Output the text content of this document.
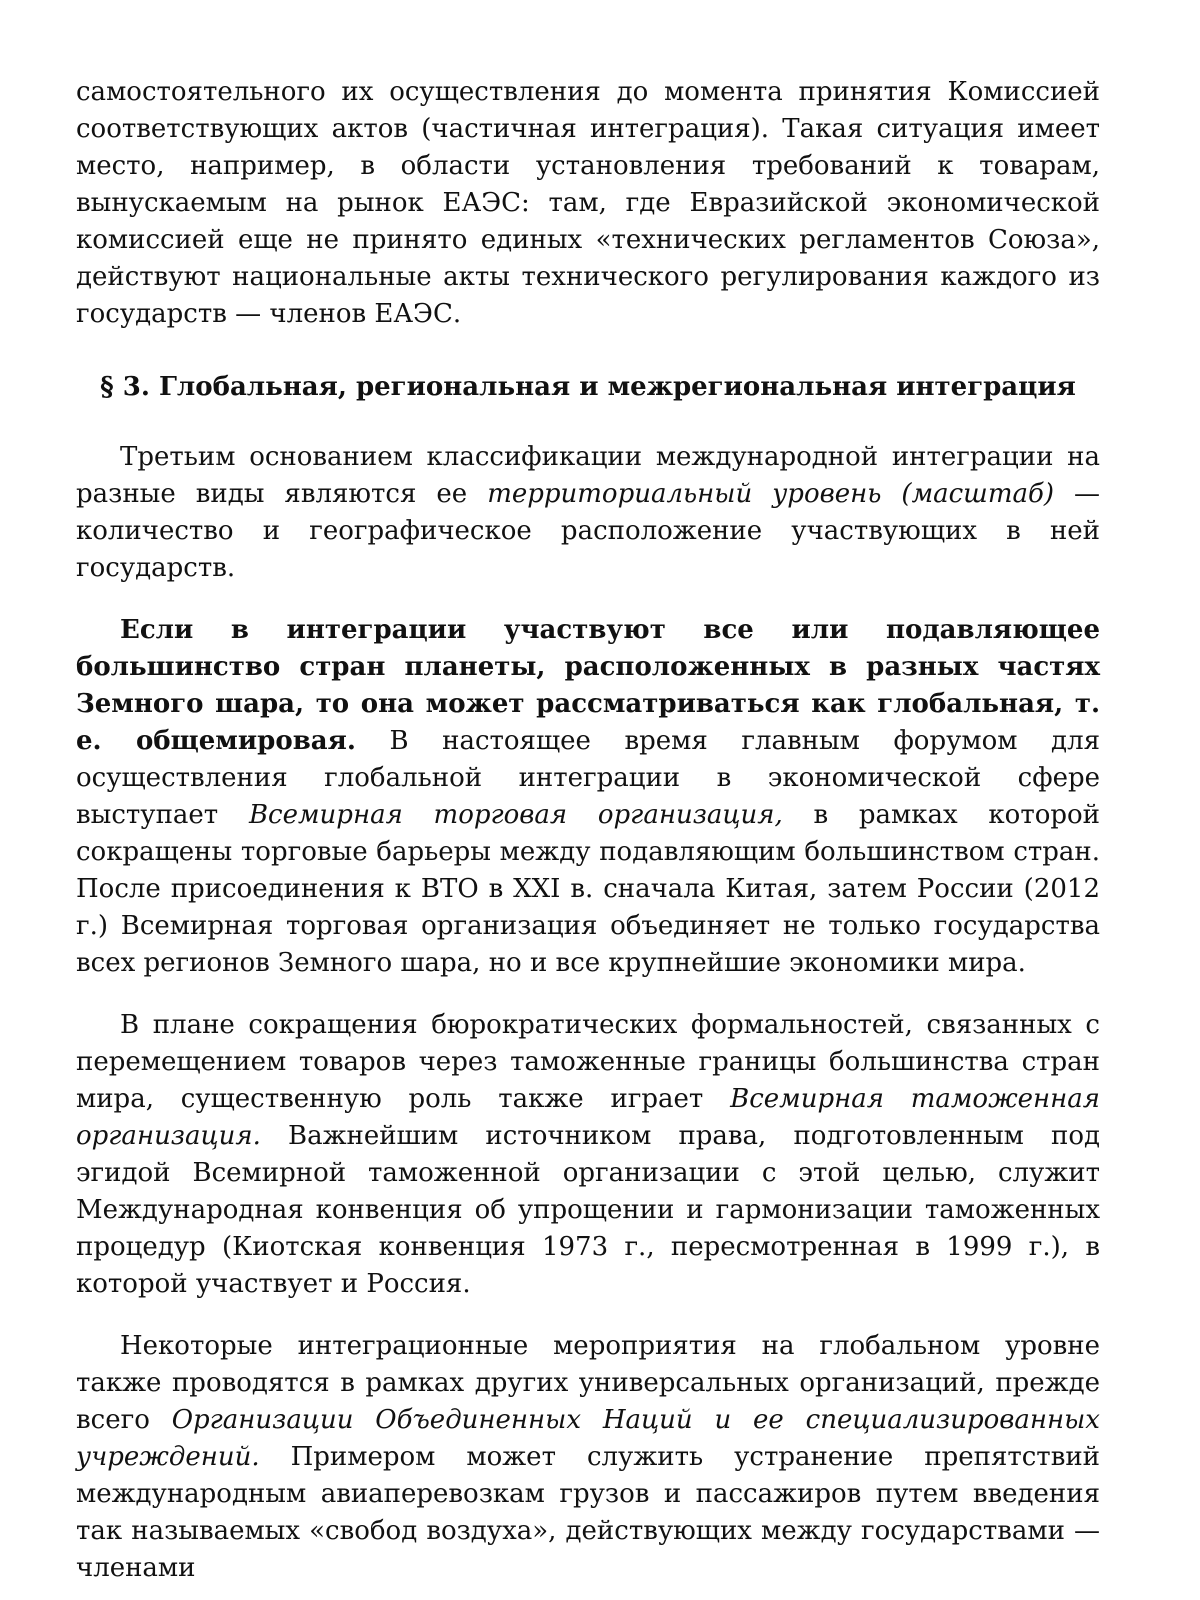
самостоятельного их осуществления до момента принятия Комиссией соответствующих актов (частичная интеграция). Такая ситуация имеет место, например, в области установления требований к товарам, вынускаемым на рынок ЕАЭС: там, где Евразийской экономической комиссией еще не принято единых «технических регламентов Союза», действуют национальные акты технического регулирования каждого из государств — членов ЕАЭС.

§ 3. Глобальная, региональная и межрегиональная интеграция

Третьим основанием классификации международной интеграции на разные виды являются ее территориальный уровень (масштаб) — количество и географическое расположение участвующих в ней государств.

Если в интеграции участвуют все или подавляющее большинство стран планеты, расположенных в разных частях Земного шара, то она может рассматриваться как глобальная, т. е. общемировая. В настоящее время главным форумом для осуществления глобальной интеграции в экономической сфере выступает Всемирная торговая организация, в рамках которой сокращены торговые барьеры между подавляющим большинством стран. После присоединения к ВТО в XXI в. сначала Китая, затем России (2012 г.) Всемирная торговая организация объединяет не только государства всех регионов Земного шара, но и все крупнейшие экономики мира.

В плане сокращения бюрократических формальностей, связанных с перемещением товаров через таможенные границы большинства стран мира, существенную роль также играет Всемирная таможенная организация. Важнейшим источником права, подготовленным под эгидой Всемирной таможенной организации с этой целью, служит Международная конвенция об упрощении и гармонизации таможенных процедур (Киотская конвенция 1973 г., пересмотренная в 1999 г.), в которой участвует и Россия.

Некоторые интеграционные мероприятия на глобальном уровне также проводятся в рамках других универсальных организаций, прежде всего Организации Объединенных Наций и ее специализированных учреждений. Примером может служить устранение препятствий международным авиаперевозкам грузов и пассажиров путем введения так называемых «свобод воздуха», действующих между государствами — членами
